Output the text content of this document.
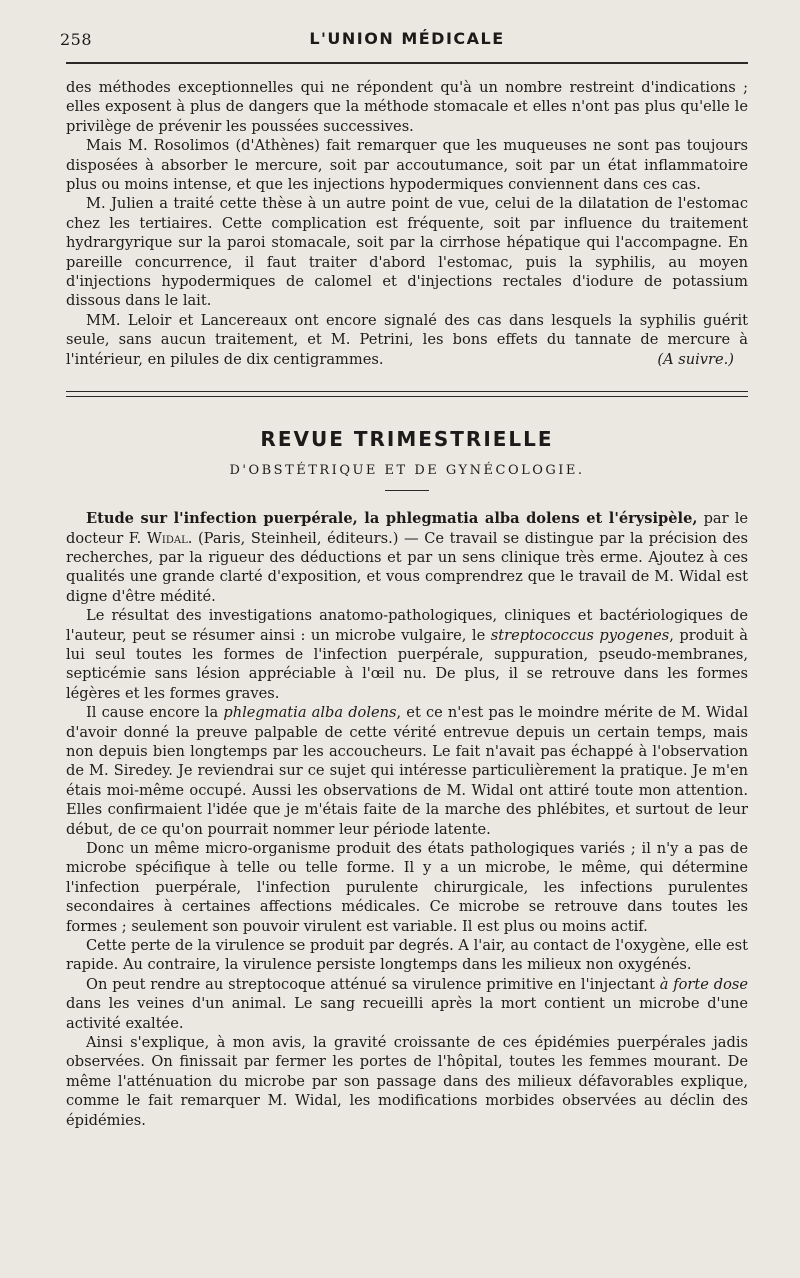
258	L'UNION MÉDICALE

des méthodes exceptionnelles qui ne répondent qu'à un nombre restreint d'indications ; elles exposent à plus de dangers que la méthode stomacale et elles n'ont pas plus qu'elle le privilège de prévenir les poussées successives.

Mais M. Rosolimos (d'Athènes) fait remarquer que les muqueuses ne sont pas toujours disposées à absorber le mercure, soit par accoutumance, soit par un état inflammatoire plus ou moins intense, et que les injections hypodermiques conviennent dans ces cas.

M. Julien a traité cette thèse à un autre point de vue, celui de la dilatation de l'estomac chez les tertiaires. Cette complication est fréquente, soit par influence du traitement hydrargyrique sur la paroi stomacale, soit par la cirrhose hépatique qui l'accompagne. En pareille concurrence, il faut traiter d'abord l'estomac, puis la syphilis, au moyen d'injections hypodermiques de calomel et d'injections rectales d'iodure de potassium dissous dans le lait.

MM. Leloir et Lancereaux ont encore signalé des cas dans lesquels la syphilis guérit seule, sans aucun traitement, et M. Petrini, les bons effets du tannate de mercure à l'intérieur, en pilules de dix centigrammes.	(A suivre.)

REVUE TRIMESTRIELLE
D'OBSTÉTRIQUE ET DE GYNÉCOLOGIE.

Etude sur l'infection puerpérale, la phlegmatia alba dolens et l'érysipèle, par le docteur F. Widal. (Paris, Steinheil, éditeurs.) — Ce travail se distingue par la précision des recherches, par la rigueur des déductions et par un sens clinique très erme. Ajoutez à ces qualités une grande clarté d'exposition, et vous comprendrez que le travail de M. Widal est digne d'être médité.

Le résultat des investigations anatomo-pathologiques, cliniques et bactériologiques de l'auteur, peut se résumer ainsi : un microbe vulgaire, le streptococcus pyogenes, produit à lui seul toutes les formes de l'infection puerpérale, suppuration, pseudo-membranes, septicémie sans lésion appréciable à l'œil nu. De plus, il se retrouve dans les formes légères et les formes graves.

Il cause encore la phlegmatia alba dolens, et ce n'est pas le moindre mérite de M. Widal d'avoir donné la preuve palpable de cette vérité entrevue depuis un certain temps, mais non depuis bien longtemps par les accoucheurs. Le fait n'avait pas échappé à l'observation de M. Siredey. Je reviendrai sur ce sujet qui intéresse particulièrement la pratique. Je m'en étais moi-même occupé. Aussi les observations de M. Widal ont attiré toute mon attention. Elles confirmaient l'idée que je m'étais faite de la marche des phlébites, et surtout de leur début, de ce qu'on pourrait nommer leur période latente.

Donc un même micro-organisme produit des états pathologiques variés ; il n'y a pas de microbe spécifique à telle ou telle forme. Il y a un microbe, le même, qui détermine l'infection puerpérale, l'infection purulente chirurgicale, les infections purulentes secondaires à certaines affections médicales. Ce microbe se retrouve dans toutes les formes ; seulement son pouvoir virulent est variable. Il est plus ou moins actif.

Cette perte de la virulence se produit par degrés. A l'air, au contact de l'oxygène, elle est rapide. Au contraire, la virulence persiste longtemps dans les milieux non oxygénés.

On peut rendre au streptocoque atténué sa virulence primitive en l'injectant à forte dose dans les veines d'un animal. Le sang recueilli après la mort contient un microbe d'une activité exaltée.

Ainsi s'explique, à mon avis, la gravité croissante de ces épidémies puerpérales jadis observées. On finissait par fermer les portes de l'hôpital, toutes les femmes mourant. De même l'atténuation du microbe par son passage dans des milieux défavorables explique, comme le fait remarquer M. Widal, les modifications morbides observées au déclin des épidémies.
